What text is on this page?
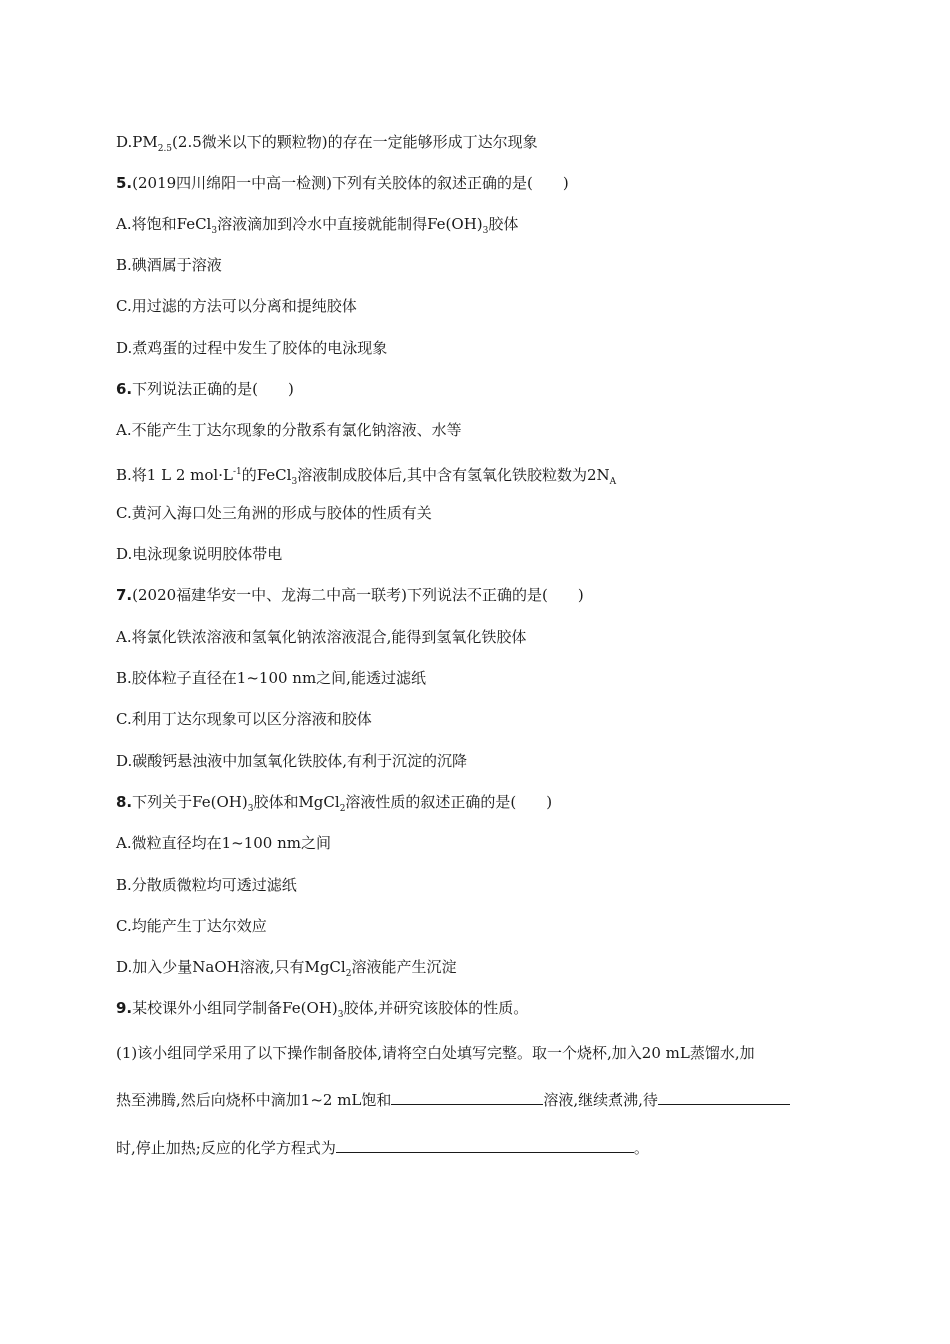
$D.PM_{2.5}(2.5$微米以下的颗粒物)的存在一定能够形成丁达尔现象
5.(2019四川绵阳一中高一检测)下列有关胶体的叙述正确的是(　　)
A.将饱和FeCl$_3$溶液滴加到冷水中直接就能制得$Fe(OH)_3$胶体
B.碘酒属于溶液
C.用过滤的方法可以分离和提纯胶体
D.煮鸡蛋的过程中发生了胶体的电泳现象
6.下列说法正确的是(　　)
A.不能产生丁达尔现象的分散系有氯化钠溶液、水等
B.将1 L 2 $mol\cdot L^{-1}$的FeCl$_3$溶液制成胶体后,其中含有氢氧化铁胶粒数为$2N_A$
C.黄河入海口处三角洲的形成与胶体的性质有关
D.电泳现象说明胶体带电
7.(2020福建华安一中、龙海二中高一联考)下列说法不正确的是(　　)
A.将氯化铁浓溶液和氢氧化钠浓溶液混合,能得到氢氧化铁胶体
B.胶体粒子直径在1~100 nm之间,能透过滤纸
C.利用丁达尔现象可以区分溶液和胶体
D.碳酸钙悬浊液中加氢氧化铁胶体,有利于沉淀的沉降
8.下列关于$Fe(OH)_3$胶体和MgCl$_2$溶液性质的叙述正确的是(　　)
A.微粒直径均在1~100 nm之间
B.分散质微粒均可透过滤纸
C.均能产生丁达尔效应
D.加入少量NaOH溶液,只有MgCl$_2$溶液能产生沉淀
9.某校课外小组同学制备$Fe(OH)_3$胶体,并研究该胶体的性质。
(1)该小组同学采用了以下操作制备胶体,请将空白处填写完整。取一个烧杯,加入20 mL蒸馏水,加
热至沸腾,然后向烧杯中滴加1~2 mL饱和	溶液,继续煮沸,待
时,停止加热;反应的化学方程式为	。
